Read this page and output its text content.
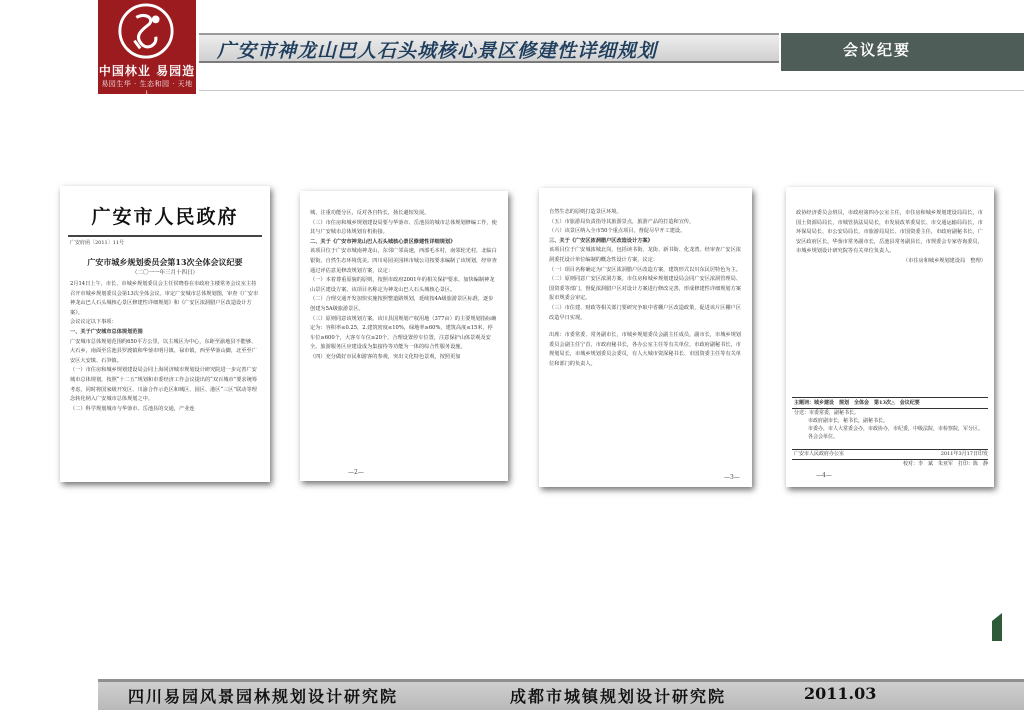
中国林业 易园造
易园生华 · 生态和园 · 天地人
广安市神龙山巴人石头城核心景区修建性详细规划	会议纪要
广安市人民政府
广安府函〔2011〕11号
广安市城乡规划委员会第13次全体会议纪要
（二〇一一年三月十四日）
2月14日上午，市长、市城乡规划委员会主任侯晓春在市政府主楼常务会议室主持召开市城乡规划委员会第13次全体会议。审定广安城市总体规划图，审查《广安市神龙山巴人石头城核心景区修建性详细规划》和《广安区浓洞腊户区改造设计方案》。
会议议定以下事项：
一、关于广安城市总体规划范围
广安城市总体规划范围约650平方公里，以主城区为中心，东距至渝地县不能够、大石乡，南面至岳池县罗渡镇和华蓥市明月镇、禄市镇，西至华蓥山脚，北至至广安区大安镇、石笋镇。
（一）市住房和城乡规划建设局会同上海同济城市规划设计研究院进一步完善广安城市总体规划，按照“十二五”规划和市委经济工作会议提出的“双百城市”要求统筹考虑，同时将国家级开发区、川渝合作示范区和城区、园区、港区“三区”联动等理念转化纳入广安城市总体规划之中。
（二）科学规划城市与华蓥市、岳池县的交通，产业连
城，注重功能分区，反对各自特长，扬长避短发展。
（三）市住房和城乡规划建设局要与华蓥市、岳池县的城市总体规划修编工作，使其与广安城市总体规划有机衔接。
二、关于《广安市神龙山巴人石头城核心景区修建性详细规划》
该项目位于广安市城南神龙山，东邻广邻高速，西部毛本村，南邻轮光村，北临白银街，自然生态环境优美。四川易园美园林市城公司按要求编制了该规划，经审查通过评估意见修改规划方案，议定：
（一）本着尊重原貌的原则，按照市政府2001年的相关保护要求，加快编制神龙山景区建设方案。该项目名称定为神龙山巴人石头城核心景区。
（二）合理交通开发加快实施按照整道路规划，延续按4A级旅游景区标准，逐步创建为5A级旅游景区。
（三）原则同意该规划方案。该川县国规划产权用地（377亩）的主要规划指标确定为：容积率≤0.25，2.建筑密度≤10%，绿地率≥60%，建筑高度≤15米，停车位≥600个，大客车车位≥20个，合理设置停车位置，注意保护山体景观及安全。旅游服务区应建设成为集接待等功能为一体的综合性服务设施。
（四）充分做好市民和游客的参观，突出文化特色景观，按照更加
—2—
自然生态的原则打造景区环境。
（五）市旅游局负责指导其旅游景点，旅游产品的打造和宣传。
（六）该景区纳入全市50个重点项目，督促尽早开工建设。
三、关于《广安区浓洞腊户区改造设计方案》
该项目位于广安城浓城北岗，包括读书街、龙街、新书街、化龙湾。经审查广安区浓洞委托设计单位编制的概念性设计方案，议定：
（一）项目名称确定为广安区浓洞腊户区改造方案，建筑形式以川东民居特色为主。
（二）原则同意广安区浓洞方案。市住房和城乡规划建设局会同广安区浓洞管理局、国资委等部门，督促浓洞腊户区对设计方案进行修改完善，形成修建性详细规划方案报市规委会审定。
（三）市住建、财政等相关部门要研究争取中省棚户区改造政策，促进该片区棚户区改造早日实现。
出席：市委常委、常务副市长，市城乡规划委员会副主任成员，副市长，市城乡规划委员会副主任宁首，市政府秘书长，各办公室主任等有关单位，市政府副秘书长，市规划局长，市城乡规划委员会委员，有人大城市资深秘书长、市国资委主任等有关单位和部门的负责人。
—3—
政协经济委员会班员，市政府第四办公室主任，市住房和城乡规划建设局局长，市国土资源局局长，市城管执法局局长，市发展改革委局长、市交通运输局局长，市环保局局长、市公安局局长，市旅游局局长、市国资委主任，市政府副秘书长，广安区政府区长，华蓥市常务副市长，岳池县常务副县长，市规委会专家咨询委员，市城乡规划设计研究院等有关单位负责人。
（市住房和城乡规划建设局　整理）
主题词：城乡建设　规划　全体会　第13次△　会议纪要
分送：市委常委，副秘书长。
市政府副市长，秘书长，副秘书长。
市委办，市人大常委会办，市政协办，市纪委，中级法院，市检察院，军分区。
各会会单位。
广安市人民政府办公室	2011年3月17日印发
校对：李　斌　朱亚军　打印：陈　静
—4—
四川易园风景园林规划设计研究院	成都市城镇规划设计研究院	2011.03
